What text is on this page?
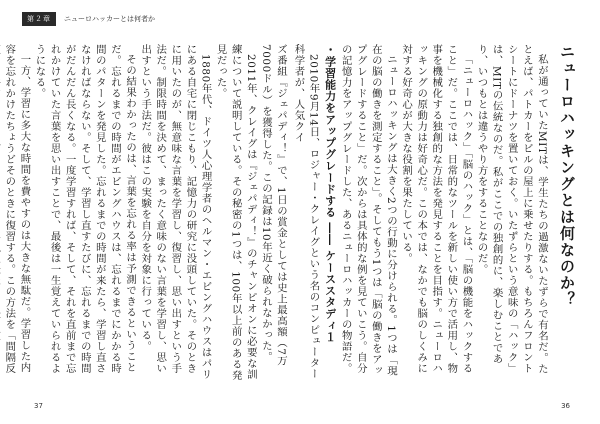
第２章	ニューロハッカーとは何者か

ニューロハッキングとは何なのか？

私が通っていたMITは、学生たちの過激ないたずらで有名だ。たとえば、パトカーをビルの屋上に乗せたりする。もちろんフロントシートにドーナツを置いておく。いたずらという意味の「ハック」は、MITの伝統なのだ。私がここでの独創的に、楽しむことであり、いつもとは違うやり方をすることなのだ。

「ニューロハック」「脳のハック」とは、「脳の機能をハックすること」だ。ここでは、日常的なツールを新しい使い方で活用し、物事を機械化する独創的な方法を発見することを目指す。ニューロハッキングの原動力は好奇心だ。この本では、なかでも脳のしくみに対する好奇心が大きな役割を果たしている。

ニューロハッキングは大きく2つの行動に分けられる。1つは「現在の脳の働きを測定すること」。そしてもう1つは「脳の働きをアップグレードすること」だ。次からは具体的な例を見ていこう。自分の記憶力をアップグレードした、あるニューロハッカーの物語だ。

・学習能力をアップグレードする ―― ケーススタディ１

2010年9月14日、ロジャー・クレイグという名のコンピューター科学者が、人気クイ

ズ番組『ジェパディ！』で、1日の賞金としては史上最高額（7万7000ドル）を獲得した。この記録は10年近く破られなかった。

2011年、クレイグは『ジェパディ！』のチャンピオンに必要な訓練について説明している。その秘密の1つは、100年以上前のある発見だった。

1880年代、ドイツ人心理学者のヘルマン・エビングハウスはパリにある自宅に閉じこもり、記憶力の研究に没頭していた。そのときに用いたのが、無意味な言葉を学習し、復習し、思い出すという手法だ。制限時間を決めて、まったく意味のない言葉を学習し、思い出すという手法だ。彼はこの実験を自分を対象に行っている。

その結果わかったのは、言葉を忘れる率は予測できるということだ。忘れるまでの時間がエビングハウスは、忘れるまでにかかる時間のパターンを発見した。忘れるまでの時間が来たら、学習し直さなければならない。そして、学習し直すたびに、忘れるまでの時間がだんだん長くなる。一度学習すれば、そして、それを直前まで忘れかけていた言葉を思い出すことで、最後は一生覚えていられるようになる。

一方、学習に多大な時間を費やすのは大きな無駄だ。学習した内容を忘れかけたちょうどそのときに復習する。この方法を「間隔反

37	36
